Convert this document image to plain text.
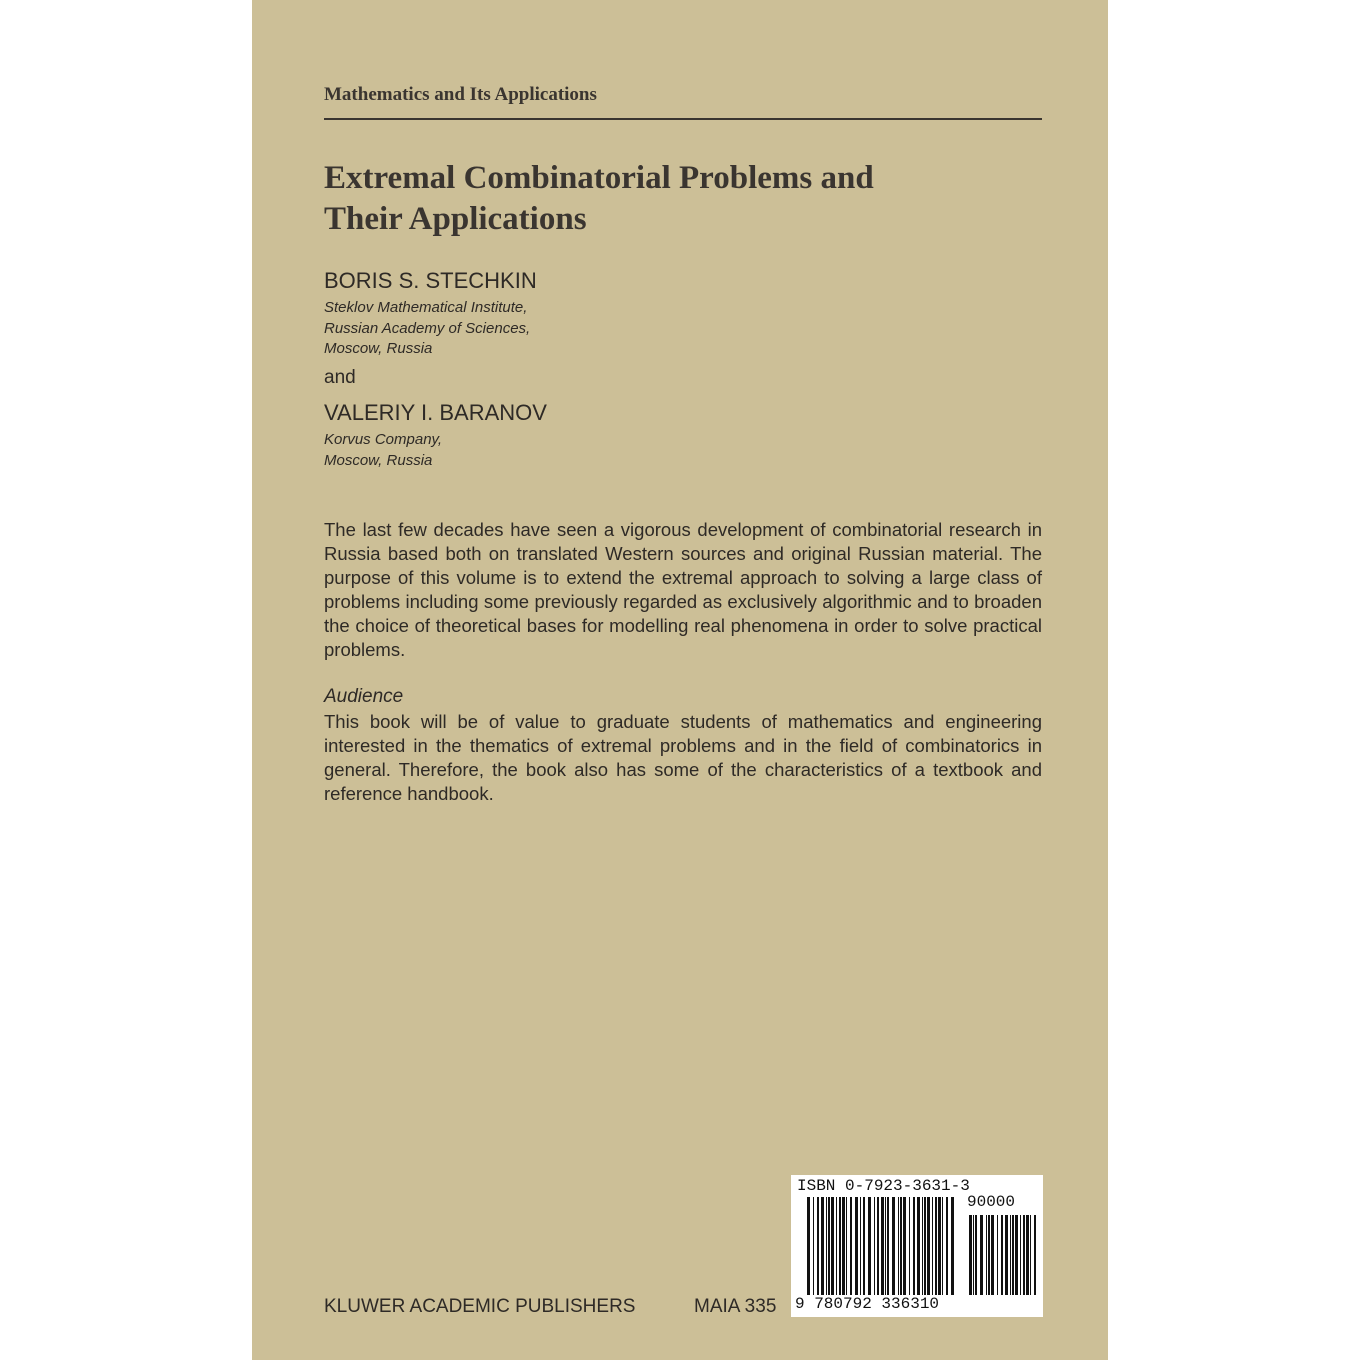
Mathematics and Its Applications
Extremal Combinatorial Problems and
Their Applications
BORIS S. STECHKIN
Steklov Mathematical Institute,
Russian Academy of Sciences,
Moscow, Russia
and
VALERIY I. BARANOV
Korvus Company,
Moscow, Russia
The last few decades have seen a vigorous development of combinatorial research in Russia based both on translated Western sources and original Russian material. The purpose of this volume is to extend the extremal approach to solving a large class of problems including some previously regarded as exclusively algorithmic and to broaden the choice of theoretical bases for modelling real phenomena in order to solve practical problems.
Audience
This book will be of value to graduate students of mathematics and engineering interested in the thematics of extremal problems and in the field of combinatorics in general. Therefore, the book also has some of the characteristics of a textbook and reference handbook.
KLUWER ACADEMIC PUBLISHERS	MAIA 335
ISBN 0-7923-3631-3
90000
9 780792 336310
